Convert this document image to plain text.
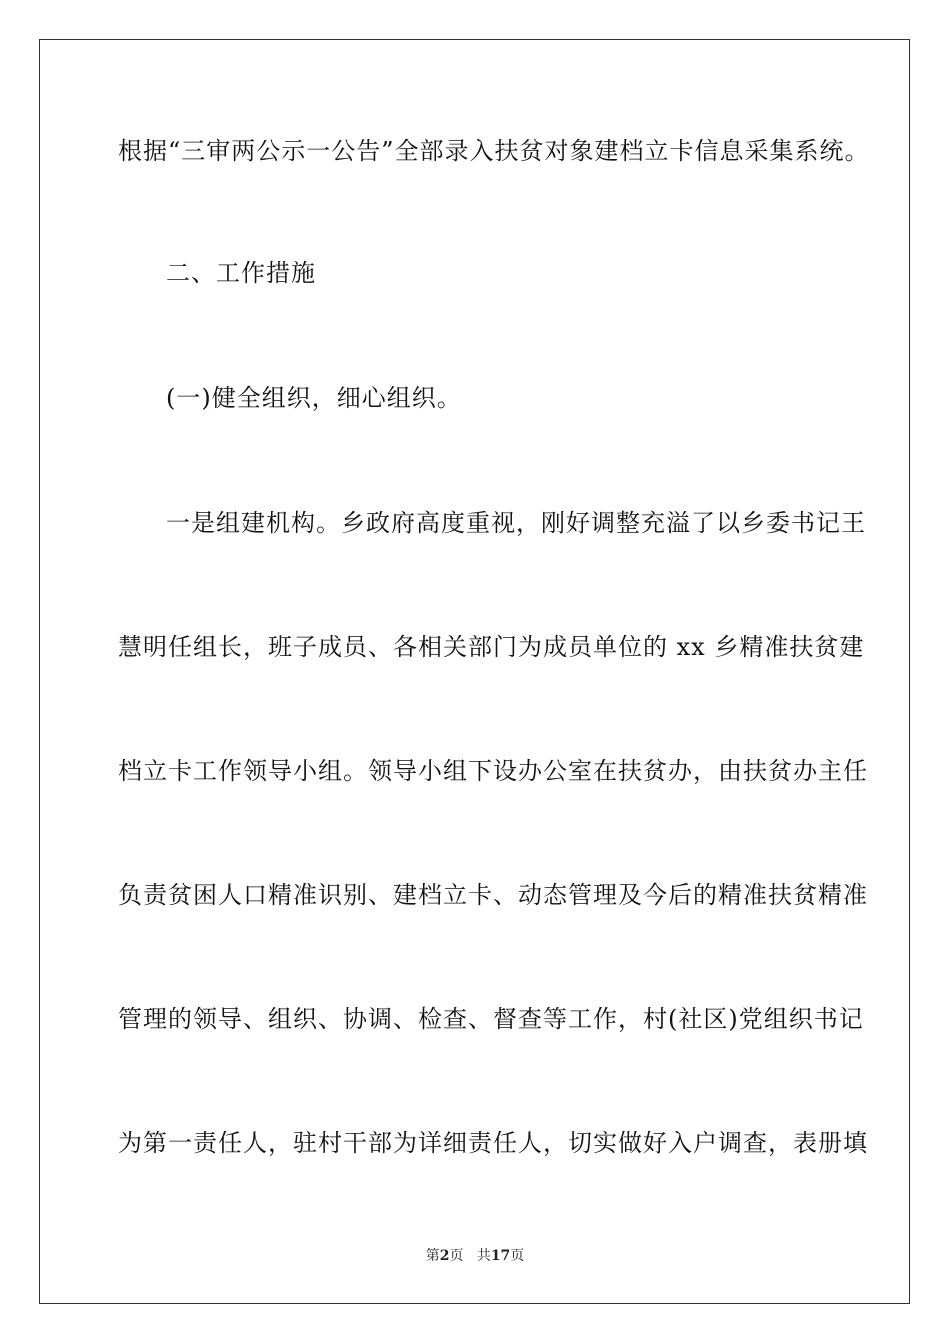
根据“三审两公示一公告”全部录入扶贫对象建档立卡信息采集系统。
二、工作措施
(一)健全组织，细心组织。
一是组建机构。乡政府高度重视，刚好调整充溢了以乡委书记王
慧明任组长，班子成员、各相关部门为成员单位的 xx 乡精准扶贫建
档立卡工作领导小组。领导小组下设办公室在扶贫办，由扶贫办主任
负责贫困人口精准识别、建档立卡、动态管理及今后的精准扶贫精准
管理的领导、组织、协调、检查、督查等工作，村(社区)党组织书记
为第一责任人，驻村干部为详细责任人，切实做好入户调查，表册填
第2页 共17页
